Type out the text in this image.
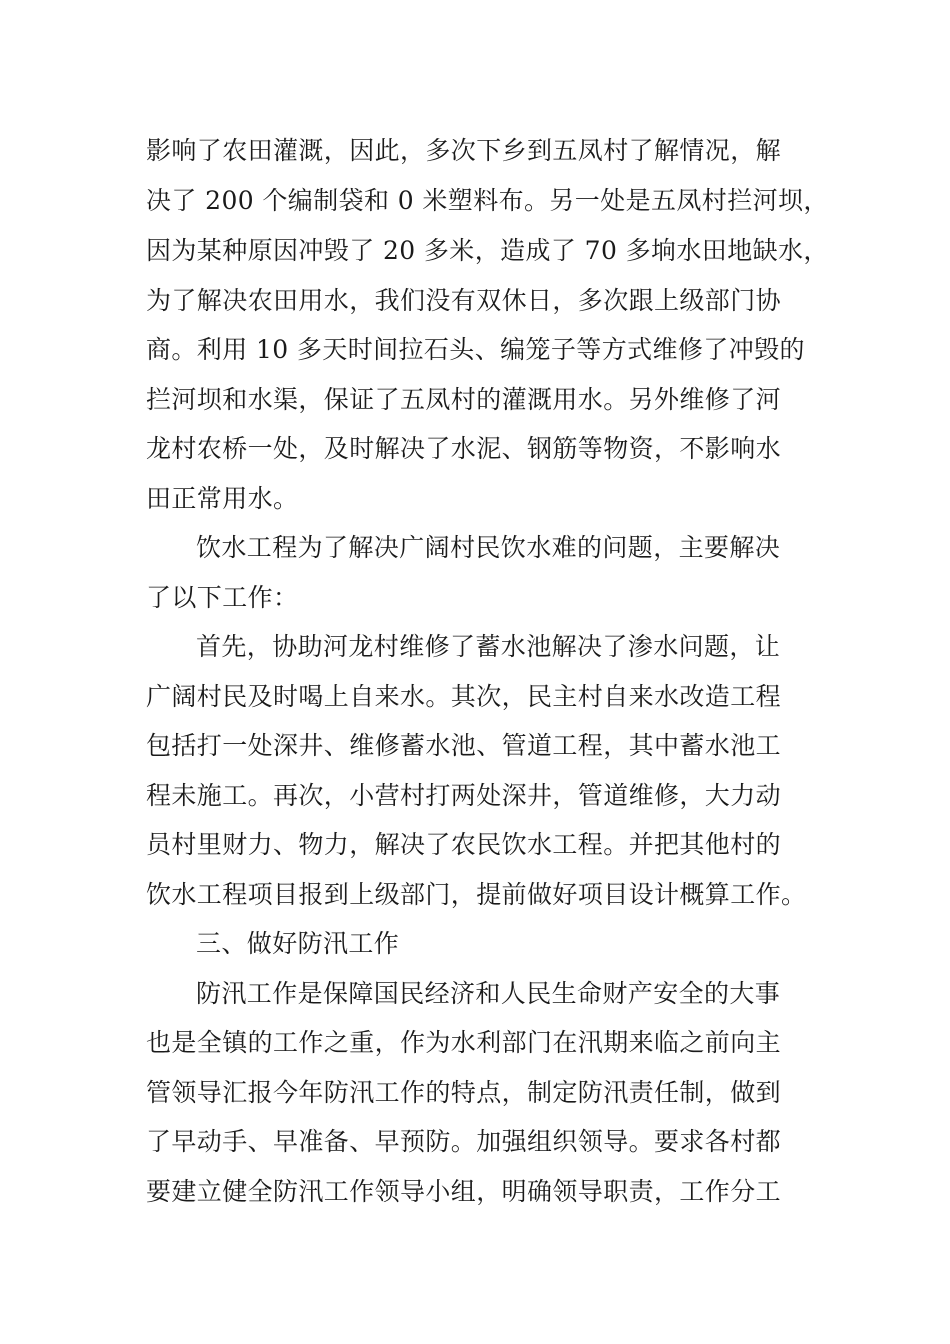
影响了农田灌溉，因此，多次下乡到五凤村了解情况，解
决了 200 个编制袋和 0 米塑料布。另一处是五凤村拦河坝，
因为某种原因冲毁了 20 多米，造成了 70 多垧水田地缺水，
为了解决农田用水，我们没有双休日，多次跟上级部门协
商。利用 10 多天时间拉石头、编笼子等方式维修了冲毁的
拦河坝和水渠，保证了五凤村的灌溉用水。另外维修了河
龙村农桥一处，及时解决了水泥、钢筋等物资，不影响水
田正常用水。
饮水工程为了解决广阔村民饮水难的问题，主要解决
了以下工作：
首先，协助河龙村维修了蓄水池解决了渗水问题，让
广阔村民及时喝上自来水。其次，民主村自来水改造工程
包括打一处深井、维修蓄水池、管道工程，其中蓄水池工
程未施工。再次，小营村打两处深井，管道维修，大力动
员村里财力、物力，解决了农民饮水工程。并把其他村的
饮水工程项目报到上级部门，提前做好项目设计概算工作。
三、做好防汛工作
防汛工作是保障国民经济和人民生命财产安全的大事
也是全镇的工作之重，作为水利部门在汛期来临之前向主
管领导汇报今年防汛工作的特点，制定防汛责任制，做到
了早动手、早准备、早预防。加强组织领导。要求各村都
要建立健全防汛工作领导小组，明确领导职责，工作分工
